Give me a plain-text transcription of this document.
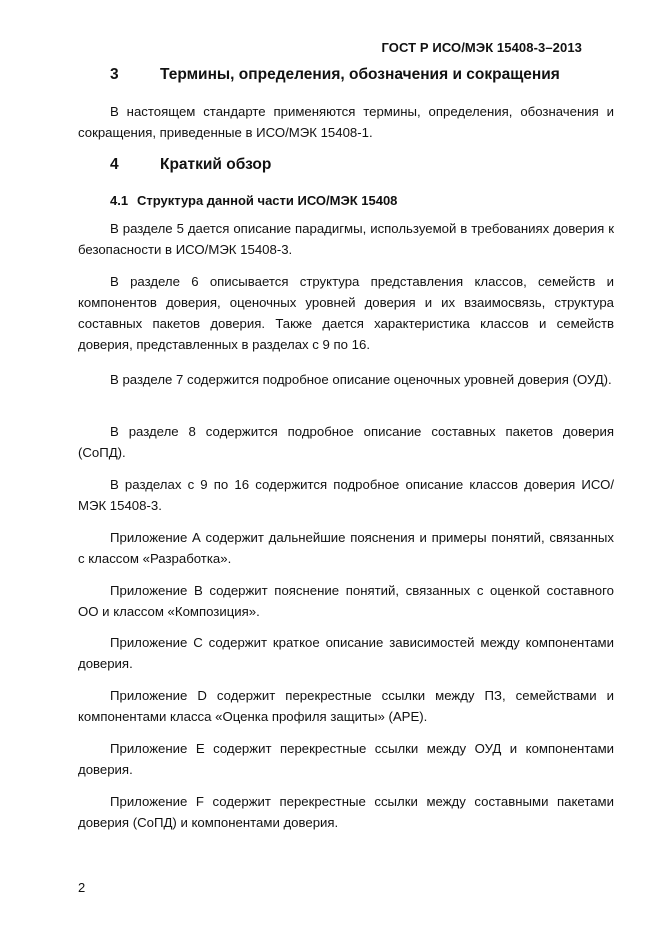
ГОСТ Р ИСО/МЭК 15408-3–2013
3	Термины, определения, обозначения и сокращения

В настоящем стандарте применяются термины, определения, обозначения и сокращения, приведенные в ИСО/МЭК 15408-1.

4	Краткий обзор
4.1 Структура данной части ИСО/МЭК 15408

В разделе 5 дается описание парадигмы, используемой в требованиях доверия к безопасности в ИСО/МЭК 15408-3.

В разделе 6 описывается структура представления классов, семейств и компонентов доверия, оценочных уровней доверия и их взаимосвязь, структура составных пакетов доверия. Также дается характеристика классов и семейств доверия, представленных в разделах с 9 по 16.

В разделе 7 содержится подробное описание оценочных уровней доверия (ОУД).

В разделе 8 содержится подробное описание составных пакетов доверия (СоПД).

В разделах с 9 по 16 содержится подробное описание классов доверия ИСО/МЭК 15408-3.

Приложение А содержит дальнейшие пояснения и примеры понятий, связанных с классом «Разработка».

Приложение В содержит пояснение понятий, связанных с оценкой составного ОО и классом «Композиция».

Приложение С содержит краткое описание зависимостей между компонентами доверия.

Приложение D содержит перекрестные ссылки между ПЗ, семействами и компонентами класса «Оценка профиля защиты» (APE).

Приложение Е содержит перекрестные ссылки между ОУД и компонентами доверия.

Приложение F содержит перекрестные ссылки между составными пакетами доверия (СоПД) и компонентами доверия.

2
